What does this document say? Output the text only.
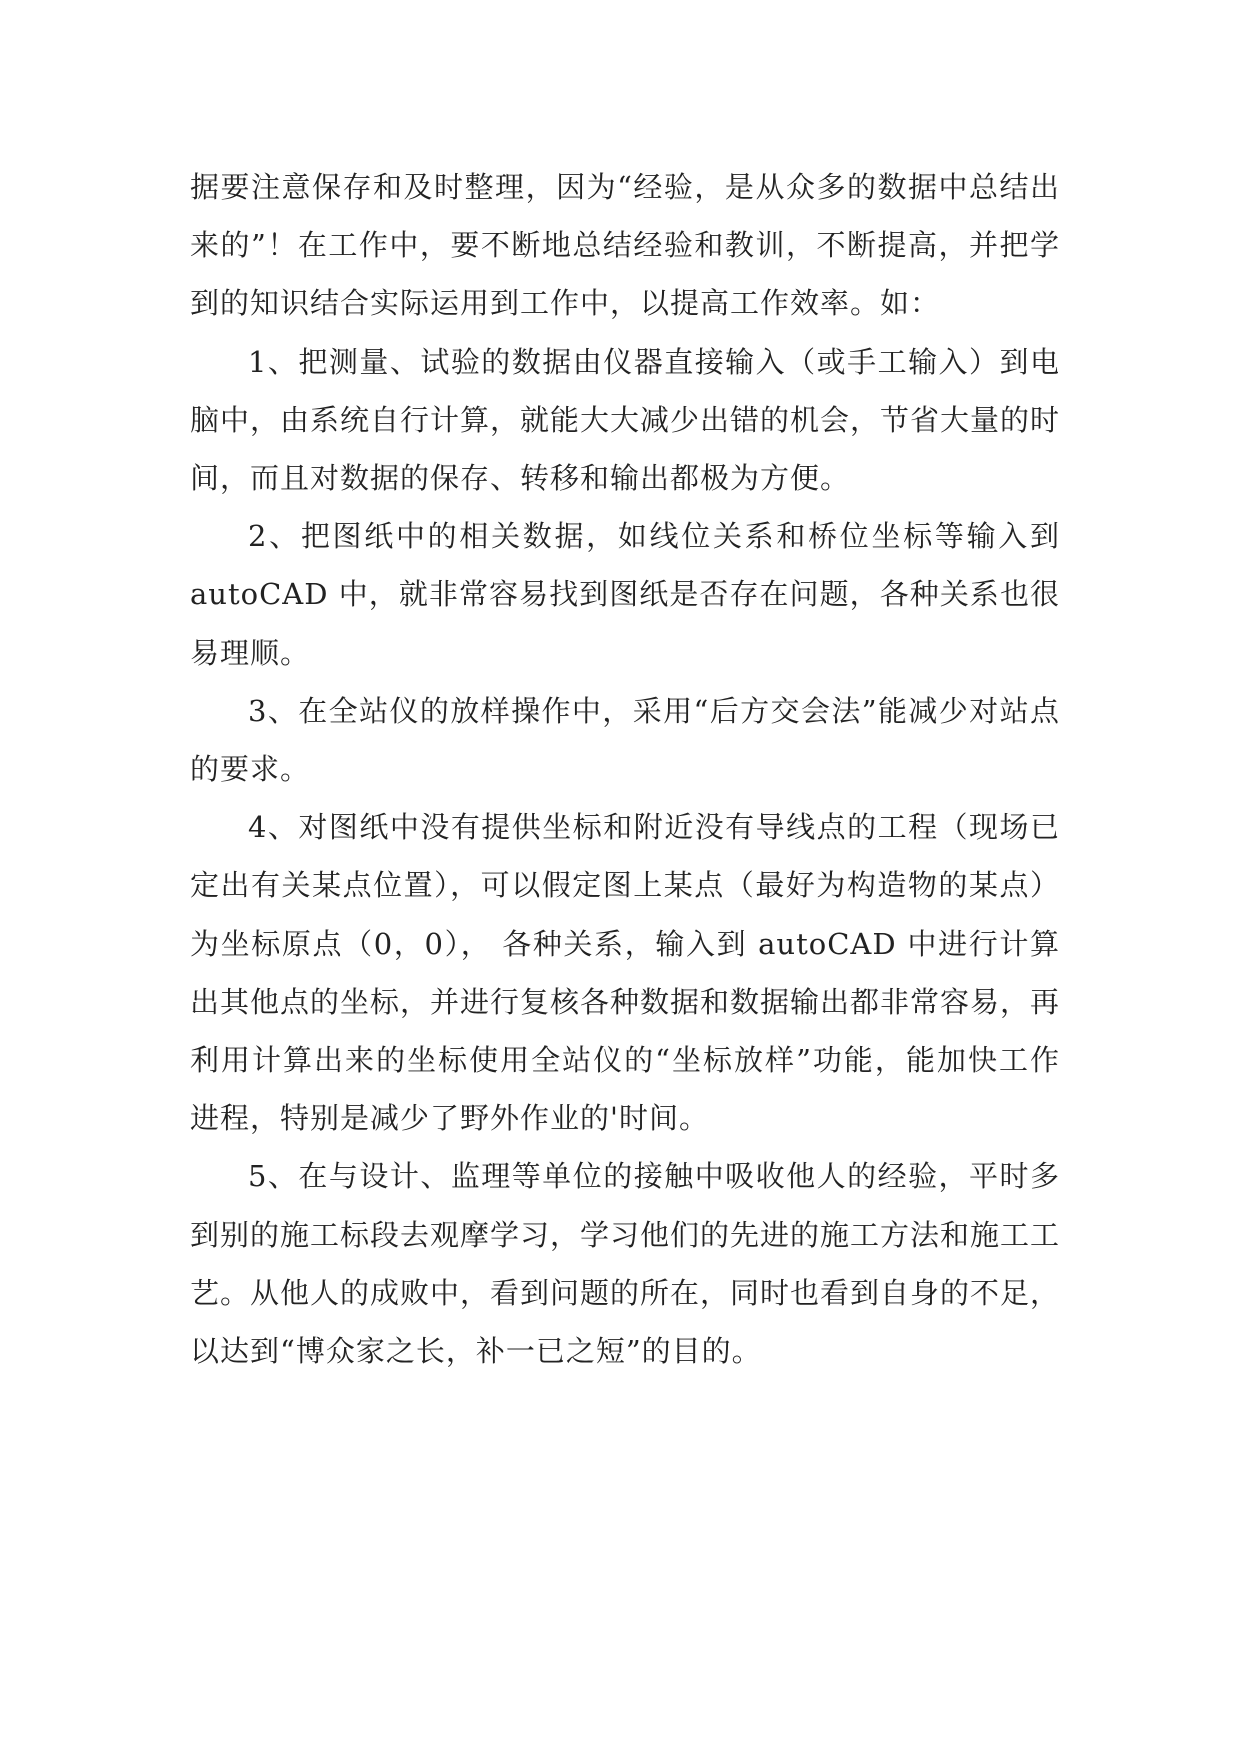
据要注意保存和及时整理，因为“经验，是从众多的数据中总结出来的”！在工作中，要不断地总结经验和教训，不断提高，并把学到的知识结合实际运用到工作中，以提高工作效率。如：

1、把测量、试验的数据由仪器直接输入（或手工输入）到电脑中，由系统自行计算，就能大大减少出错的机会，节省大量的时间，而且对数据的保存、转移和输出都极为方便。

2、把图纸中的相关数据，如线位关系和桥位坐标等输入到 autoCAD 中，就非常容易找到图纸是否存在问题，各种关系也很易理顺。

3、在全站仪的放样操作中，采用“后方交会法”能减少对站点的要求。

4、对图纸中没有提供坐标和附近没有导线点的工程（现场已定出有关某点位置），可以假定图上某点（最好为构造物的某点）为坐标原点（0，0）， 各种关系，输入到 autoCAD 中进行计算出其他点的坐标，并进行复核各种数据和数据输出都非常容易，再利用计算出来的坐标使用全站仪的“坐标放样”功能，能加快工作进程，特别是减少了野外作业的'时间。

5、在与设计、监理等单位的接触中吸收他人的经验，平时多到别的施工标段去观摩学习，学习他们的先进的施工方法和施工工艺。从他人的成败中，看到问题的所在，同时也看到自身的不足，以达到“博众家之长，补一已之短”的目的。
